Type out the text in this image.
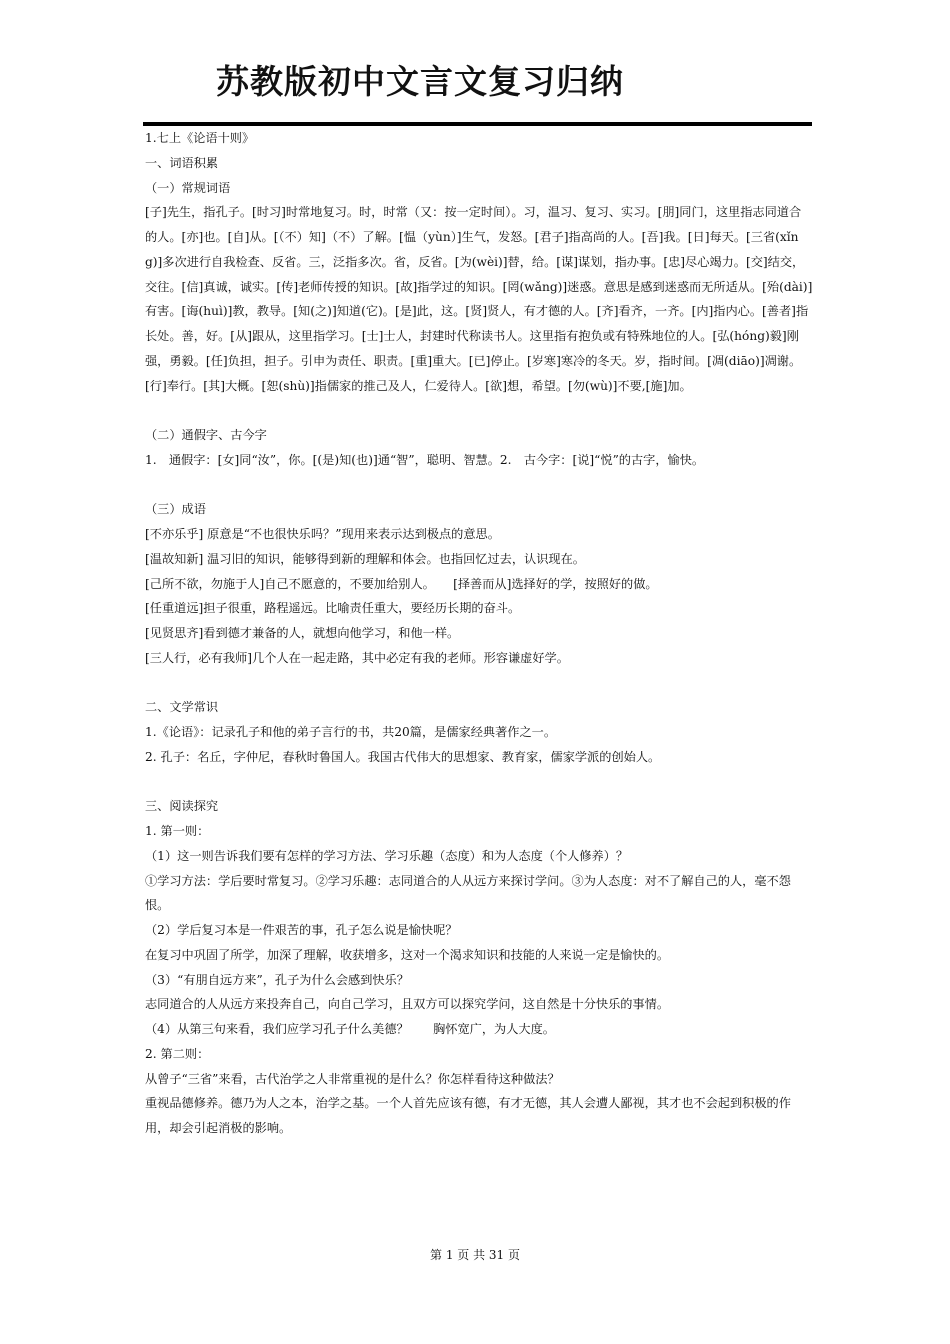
苏教版初中文言文复习归纳

1.七上《论语十则》

一、词语积累

（一）常规词语

[子]先生，指孔子。[时习]时常地复习。时，时常（又：按一定时间）。习，温习、复习、实习。[朋]同门，这里指志同道合的人。[亦]也。[自]从。[（不）知]（不）了解。[愠（yùn）]生气，发怒。[君子]指高尚的人。[吾]我。[日]每天。[三省(xǐng)]多次进行自我检查、反省。三，泛指多次。省，反省。[为(wèi)]替，给。[谋]谋划，指办事。[忠]尽心竭力。[交]结交，交往。[信]真诚，诚实。[传]老师传授的知识。[故]指学过的知识。[罔(wǎng)]迷惑。意思是感到迷惑而无所适从。[殆(dài)]有害。[诲(huì)]教，教导。[知(之)]知道(它)。[是]此，这。[贤]贤人，有才德的人。[齐]看齐，一齐。[内]指内心。[善者]指长处。善，好。[从]跟从，这里指学习。[士]士人，封建时代称读书人。这里指有抱负或有特殊地位的人。[弘(hóng)毅]刚强，勇毅。[任]负担，担子。引申为责任、职责。[重]重大。[已]停止。[岁寒]寒冷的冬天。岁，指时间。[凋(diāo)]凋谢。[行]奉行。[其]大概。[恕(shù)]指儒家的推己及人，仁爱待人。[欲]想，希望。[勿(wù)]不要,[施]加。

（二）通假字、古今字

1.　通假字：[女]同“汝”，你。[(是)知(也)]通“智”，聪明、智慧。2.　古今字：[说]“悦”的古字，愉快。

（三）成语

[不亦乐乎] 原意是“不也很快乐吗？”现用来表示达到极点的意思。

[温故知新] 温习旧的知识，能够得到新的理解和体会。也指回忆过去，认识现在。

[己所不欲，勿施于人]自己不愿意的，不要加给别人。　　[择善而从]选择好的学，按照好的做。

[任重道远]担子很重，路程遥远。比喻责任重大，要经历长期的奋斗。

[见贤思齐]看到德才兼备的人，就想向他学习，和他一样。

[三人行，必有我师]几个人在一起走路，其中必定有我的老师。形容谦虚好学。

二、文学常识

1.《论语》：记录孔子和他的弟子言行的书，共20篇，是儒家经典著作之一。

2. 孔子：名丘，字仲尼，春秋时鲁国人。我国古代伟大的思想家、教育家，儒家学派的创始人。

三、阅读探究

1. 第一则：

（1）这一则告诉我们要有怎样的学习方法、学习乐趣（态度）和为人态度（个人修养）？

①学习方法：学后要时常复习。②学习乐趣：志同道合的人从远方来探讨学问。③为人态度：对不了解自己的人，毫不怨恨。

（2）学后复习本是一件艰苦的事，孔子怎么说是愉快呢？

在复习中巩固了所学，加深了理解，收获增多，这对一个渴求知识和技能的人来说一定是愉快的。

（3）“有朋自远方来”，孔子为什么会感到快乐？

志同道合的人从远方来投奔自己，向自己学习，且双方可以探究学问，这自然是十分快乐的事情。

（4）从第三句来看，我们应学习孔子什么美德？　　胸怀宽广，为人大度。

2. 第二则：

从曾子“三省”来看，古代治学之人非常重视的是什么？你怎样看待这种做法？

重视品德修养。德乃为人之本，治学之基。一个人首先应该有德，有才无德，其人会遭人鄙视，其才也不会起到积极的作用，却会引起消极的影响。

第 1 页 共 31 页
